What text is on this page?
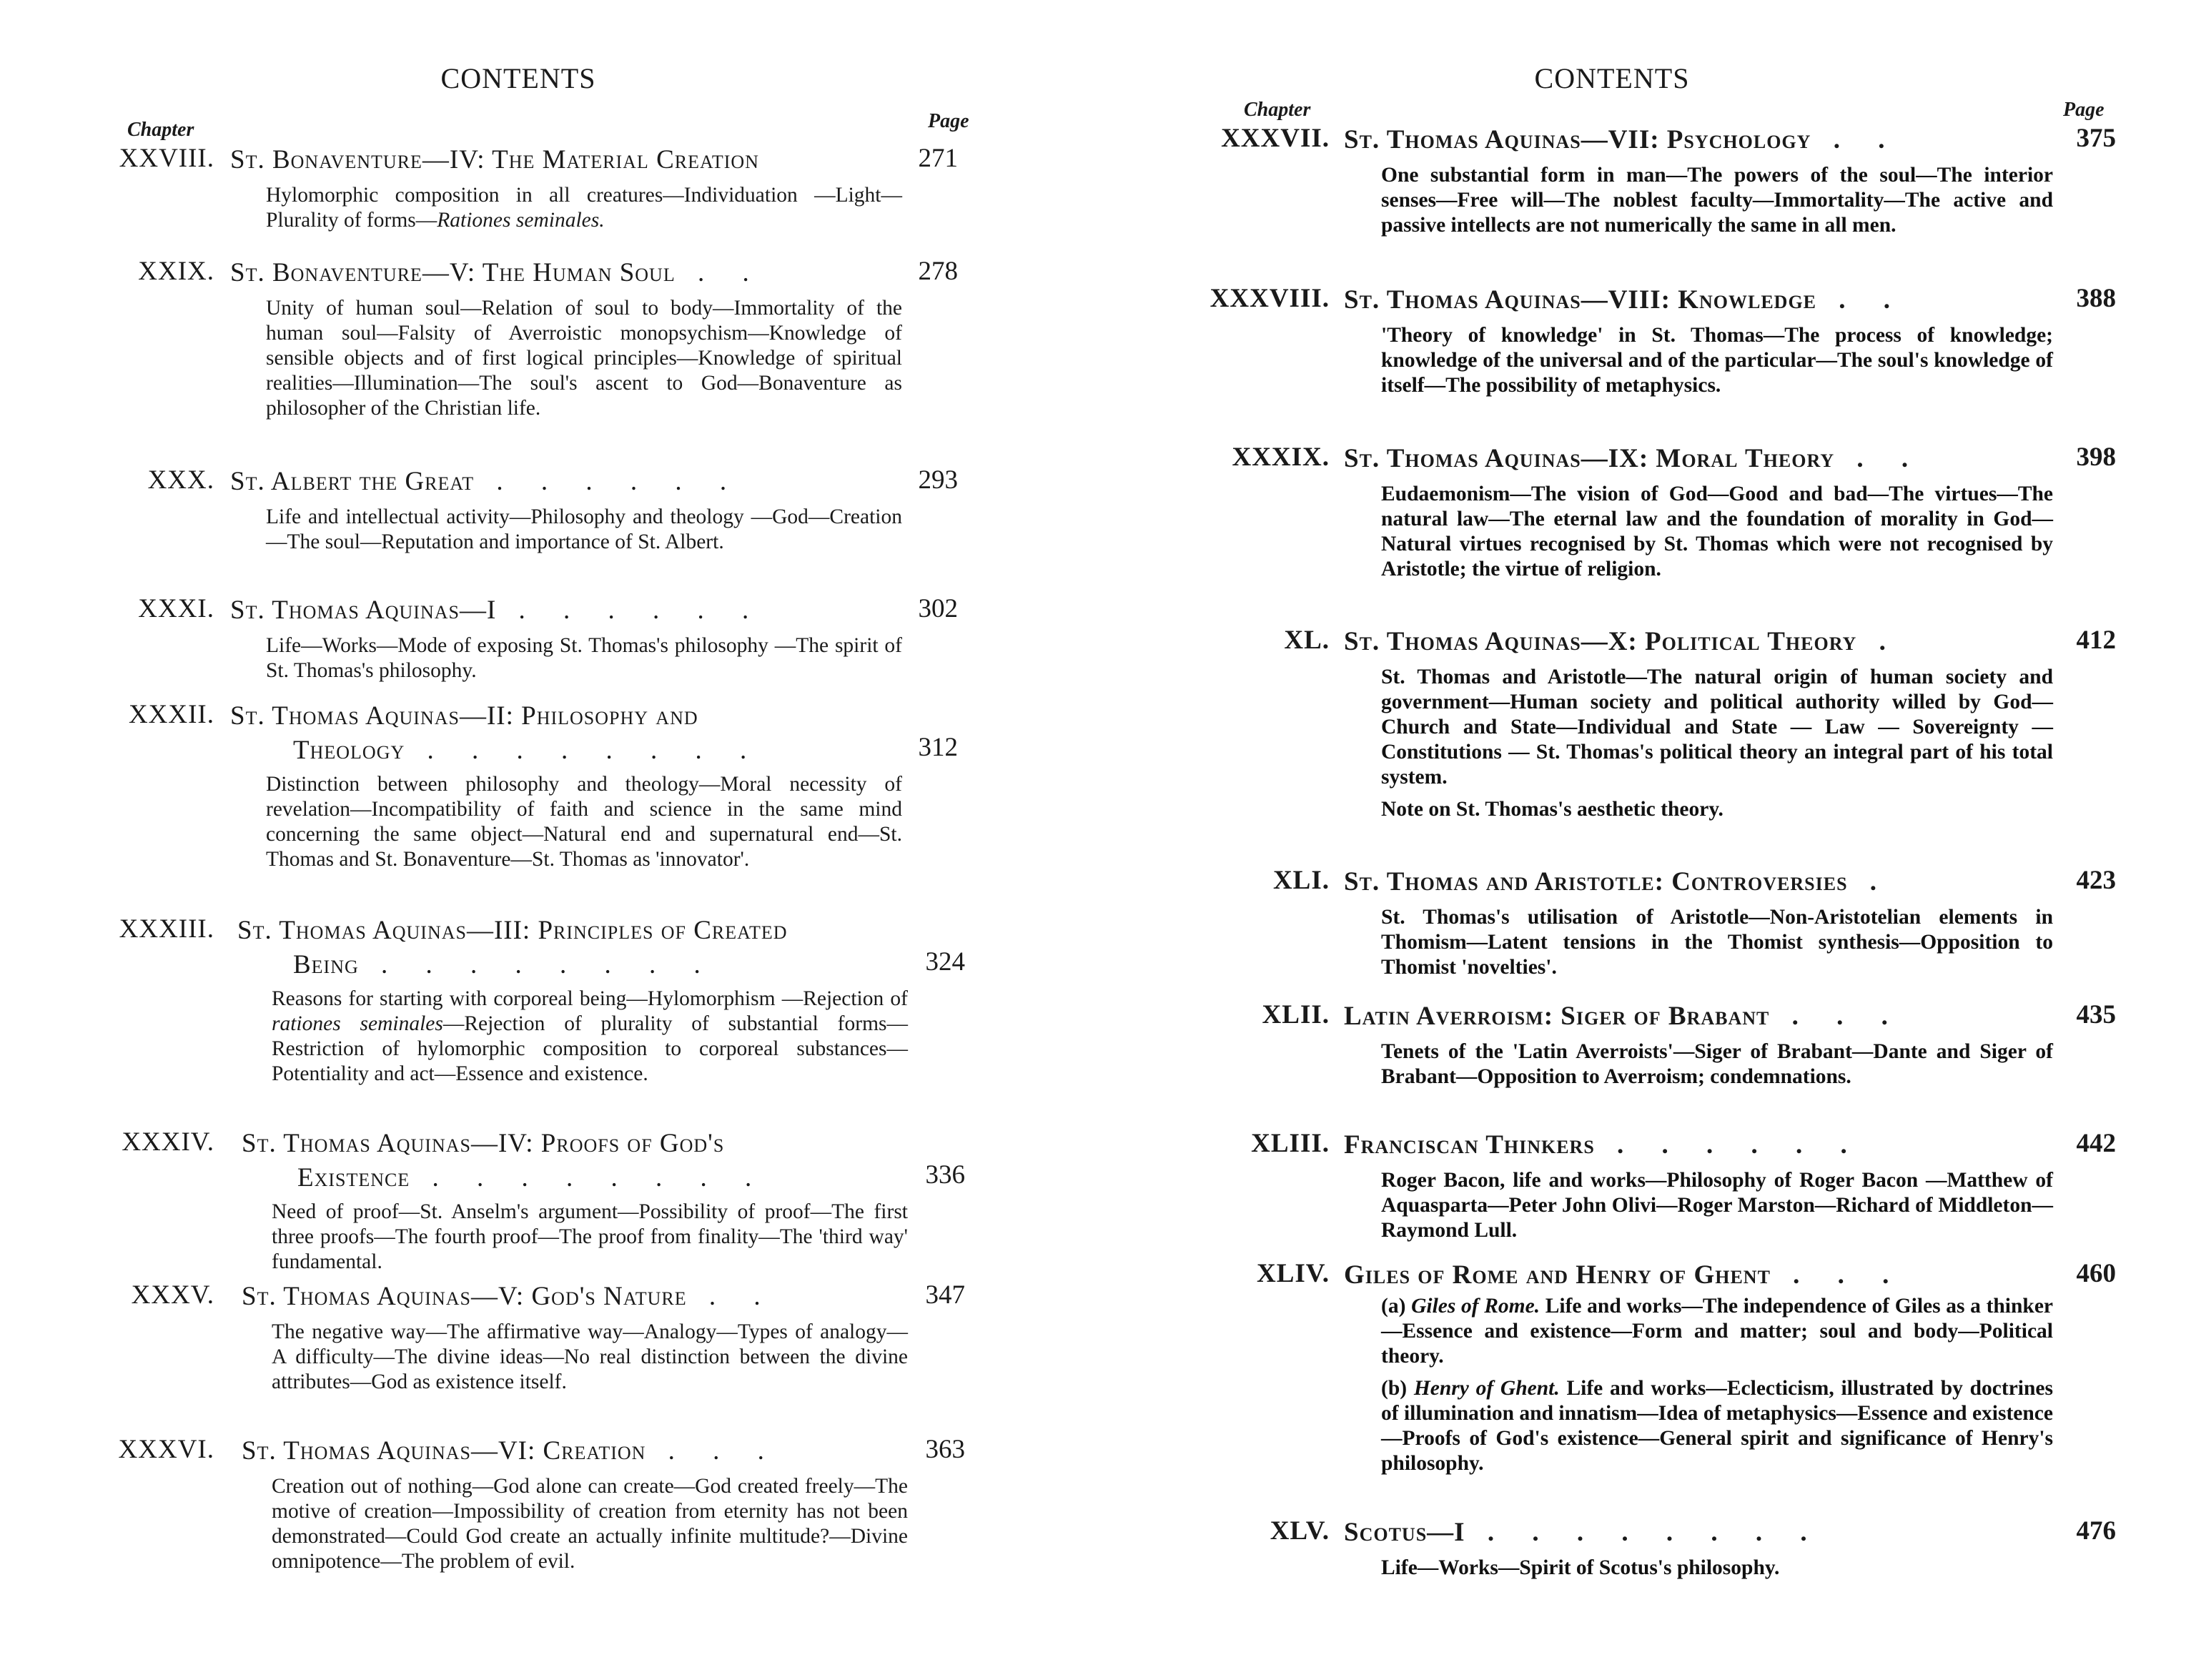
CONTENTS
Chapter	Page
XXVIII. St. Bonaventure—IV: The Material Creation	271
Hylomorphic composition in all creatures—Individuation —Light—Plurality of forms—Rationes seminales.
XXIX. St. Bonaventure—V: The Human Soul . .	278
Unity of human soul—Relation of soul to body—Immortality of the human soul—Falsity of Averroistic monopsychism—Knowledge of sensible objects and of first logical principles—Knowledge of spiritual realities—Illumination—The soul's ascent to God—Bonaventure as philosopher of the Christian life.
XXX. St. Albert the Great . . . . . .	293
Life and intellectual activity—Philosophy and theology —God—Creation—The soul—Reputation and importance of St. Albert.
XXXI. St. Thomas Aquinas—I . . . . . .	302
Life—Works—Mode of exposing St. Thomas's philosophy —The spirit of St. Thomas's philosophy.
XXXII. St. Thomas Aquinas—II: Philosophy and
Theology . . . . . . . .	312
Distinction between philosophy and theology—Moral necessity of revelation—Incompatibility of faith and science in the same mind concerning the same object—Natural end and supernatural end—St. Thomas and St. Bonaventure—St. Thomas as 'innovator'.
XXXIII. St. Thomas Aquinas—III: Principles of Created
Being . . . . . . . .	324
Reasons for starting with corporeal being—Hylomorphism —Rejection of rationes seminales—Rejection of plurality of substantial forms—Restriction of hylomorphic composition to corporeal substances—Potentiality and act—Essence and existence.
XXXIV. St. Thomas Aquinas—IV: Proofs of God's
Existence . . . . . . . .	336
Need of proof—St. Anselm's argument—Possibility of proof—The first three proofs—The fourth proof—The proof from finality—The 'third way' fundamental.
XXXV. St. Thomas Aquinas—V: God's Nature . .	347
The negative way—The affirmative way—Analogy—Types of analogy—A difficulty—The divine ideas—No real distinction between the divine attributes—God as existence itself.
XXXVI. St. Thomas Aquinas—VI: Creation . . .	363
Creation out of nothing—God alone can create—God created freely—The motive of creation—Impossibility of creation from eternity has not been demonstrated—Could God create an actually infinite multitude?—Divine omnipotence—The problem of evil.
CONTENTS
Chapter	Page
XXXVII. St. Thomas Aquinas—VII: Psychology . .	375
One substantial form in man—The powers of the soul—The interior senses—Free will—The noblest faculty—Immortality—The active and passive intellects are not numerically the same in all men.
XXXVIII. St. Thomas Aquinas—VIII: Knowledge . .	388
'Theory of knowledge' in St. Thomas—The process of knowledge; knowledge of the universal and of the particular—The soul's knowledge of itself—The possibility of metaphysics.
XXXIX. St. Thomas Aquinas—IX: Moral Theory . .	398
Eudaemonism—The vision of God—Good and bad—The virtues—The natural law—The eternal law and the foundation of morality in God—Natural virtues recognised by St. Thomas which were not recognised by Aristotle; the virtue of religion.
XL. St. Thomas Aquinas—X: Political Theory .	412

St. Thomas and Aristotle—The natural origin of human society and government—Human society and political authority willed by God—Church and State—Individual and State — Law — Sovereignty — Constitutions — St. Thomas's political theory an integral part of his total system.

Note on St. Thomas's aesthetic theory.

XLI. St. Thomas and Aristotle: Controversies .	423
St. Thomas's utilisation of Aristotle—Non-Aristotelian elements in Thomism—Latent tensions in the Thomist synthesis—Opposition to Thomist 'novelties'.
XLII. Latin Averroism: Siger of Brabant . . .	435
Tenets of the 'Latin Averroists'—Siger of Brabant—Dante and Siger of Brabant—Opposition to Averroism; condemnations.
XLIII. Franciscan Thinkers . . . . . .	442
Roger Bacon, life and works—Philosophy of Roger Bacon —Matthew of Aquasparta—Peter John Olivi—Roger Marston—Richard of Middleton—Raymond Lull.
XLIV. Giles of Rome and Henry of Ghent . . .	460

(a) Giles of Rome. Life and works—The independence of Giles as a thinker—Essence and existence—Form and matter; soul and body—Political theory.

(b) Henry of Ghent. Life and works—Eclecticism, illustrated by doctrines of illumination and innatism—Idea of metaphysics—Essence and existence—Proofs of God's existence—General spirit and significance of Henry's philosophy.

XLV. Scotus—I . . . . . . . .	476
Life—Works—Spirit of Scotus's philosophy.
